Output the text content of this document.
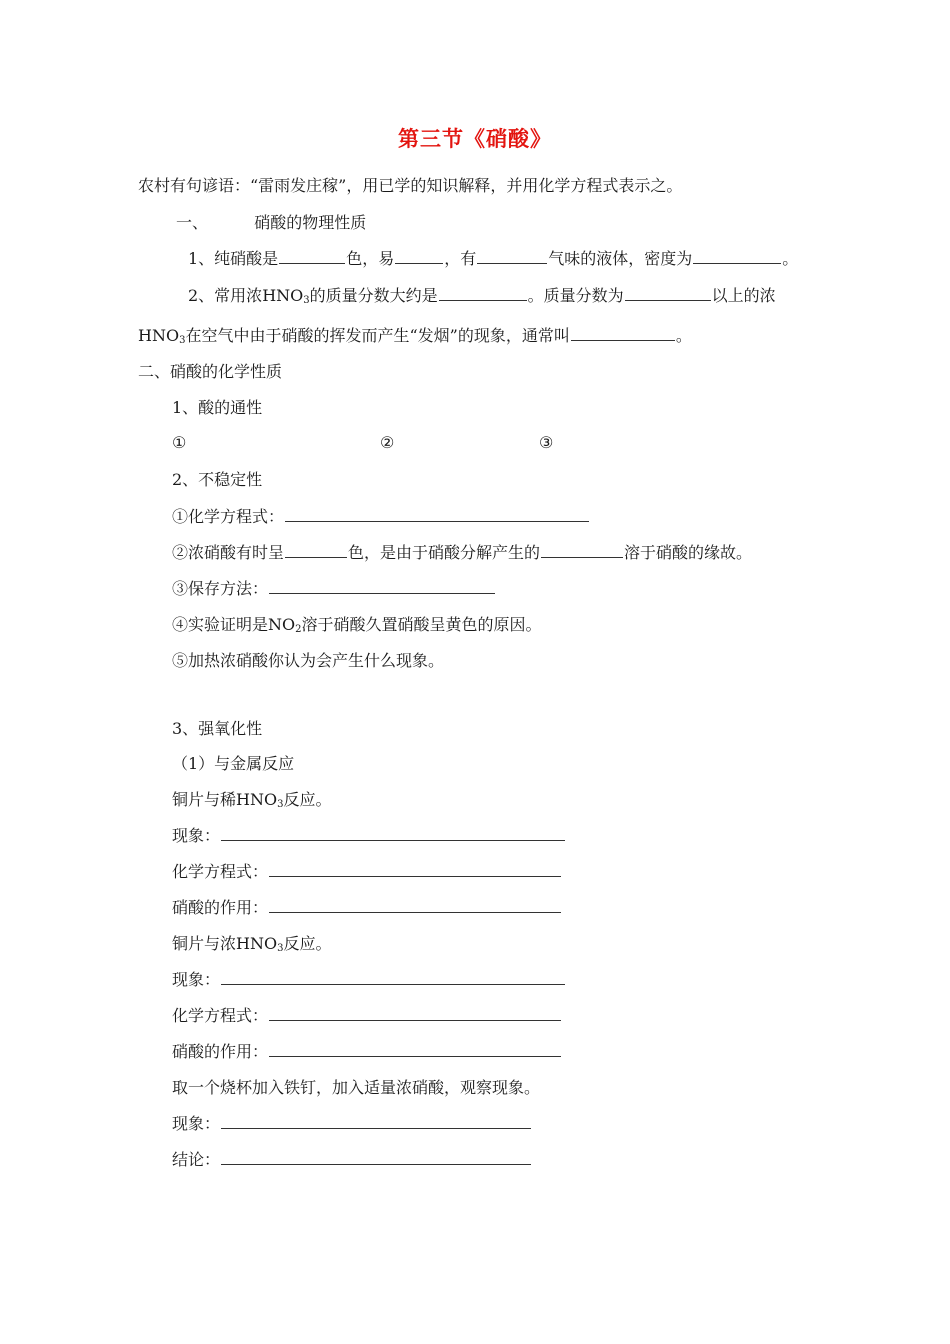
第三节《硝酸》
农村有句谚语：“雷雨发庄稼”，用已学的知识解释，并用化学方程式表示之。
一、	硝酸的物理性质
1、纯硝酸是	色，易	，有	气味的液体，密度为	。
2、常用浓$HNO_3$的质量分数大约是	。质量分数为	以上的浓
$HNO_3$在空气中由于硝酸的挥发而产生“发烟”的现象，通常叫	。
二、硝酸的化学性质
1、酸的通性
①	②	③
2、不稳定性
①化学方程式：
②浓硝酸有时呈	色，是由于硝酸分解产生的	溶于硝酸的缘故。
③保存方法：
④实验证明是$NO_2$溶于硝酸久置硝酸呈黄色的原因。
⑤加热浓硝酸你认为会产生什么现象。
3、强氧化性
（1）与金属反应
铜片与稀$HNO_3$反应。
现象：
化学方程式：
硝酸的作用：
铜片与浓$HNO_3$反应。
现象：
化学方程式：
硝酸的作用：
取一个烧杯加入铁钉，加入适量浓硝酸，观察现象。
现象：
结论：
